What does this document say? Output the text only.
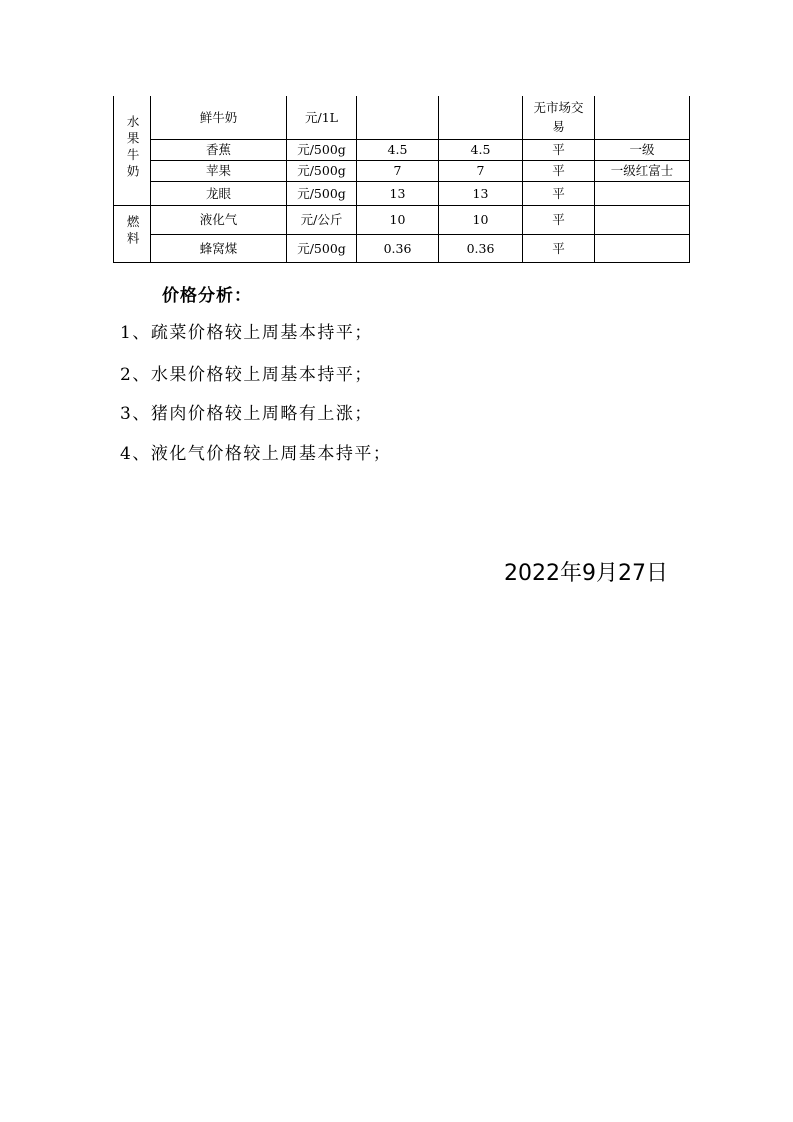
水果牛奶	鲜牛奶	元/1L			无市场交易	
	香蕉	元/500g	4.5	4.5	平	一级
	苹果	元/500g	7	7	平	一级红富士
	龙眼	元/500g	13	13	平	
燃料	液化气	元/公斤	10	10	平	
	蜂窝煤	元/500g	0.36	0.36	平	
价格分析：
1、疏菜价格较上周基本持平；
2、水果价格较上周基本持平；
3、猪肉价格较上周略有上涨；
4、液化气价格较上周基本持平；
2022年9月27日
